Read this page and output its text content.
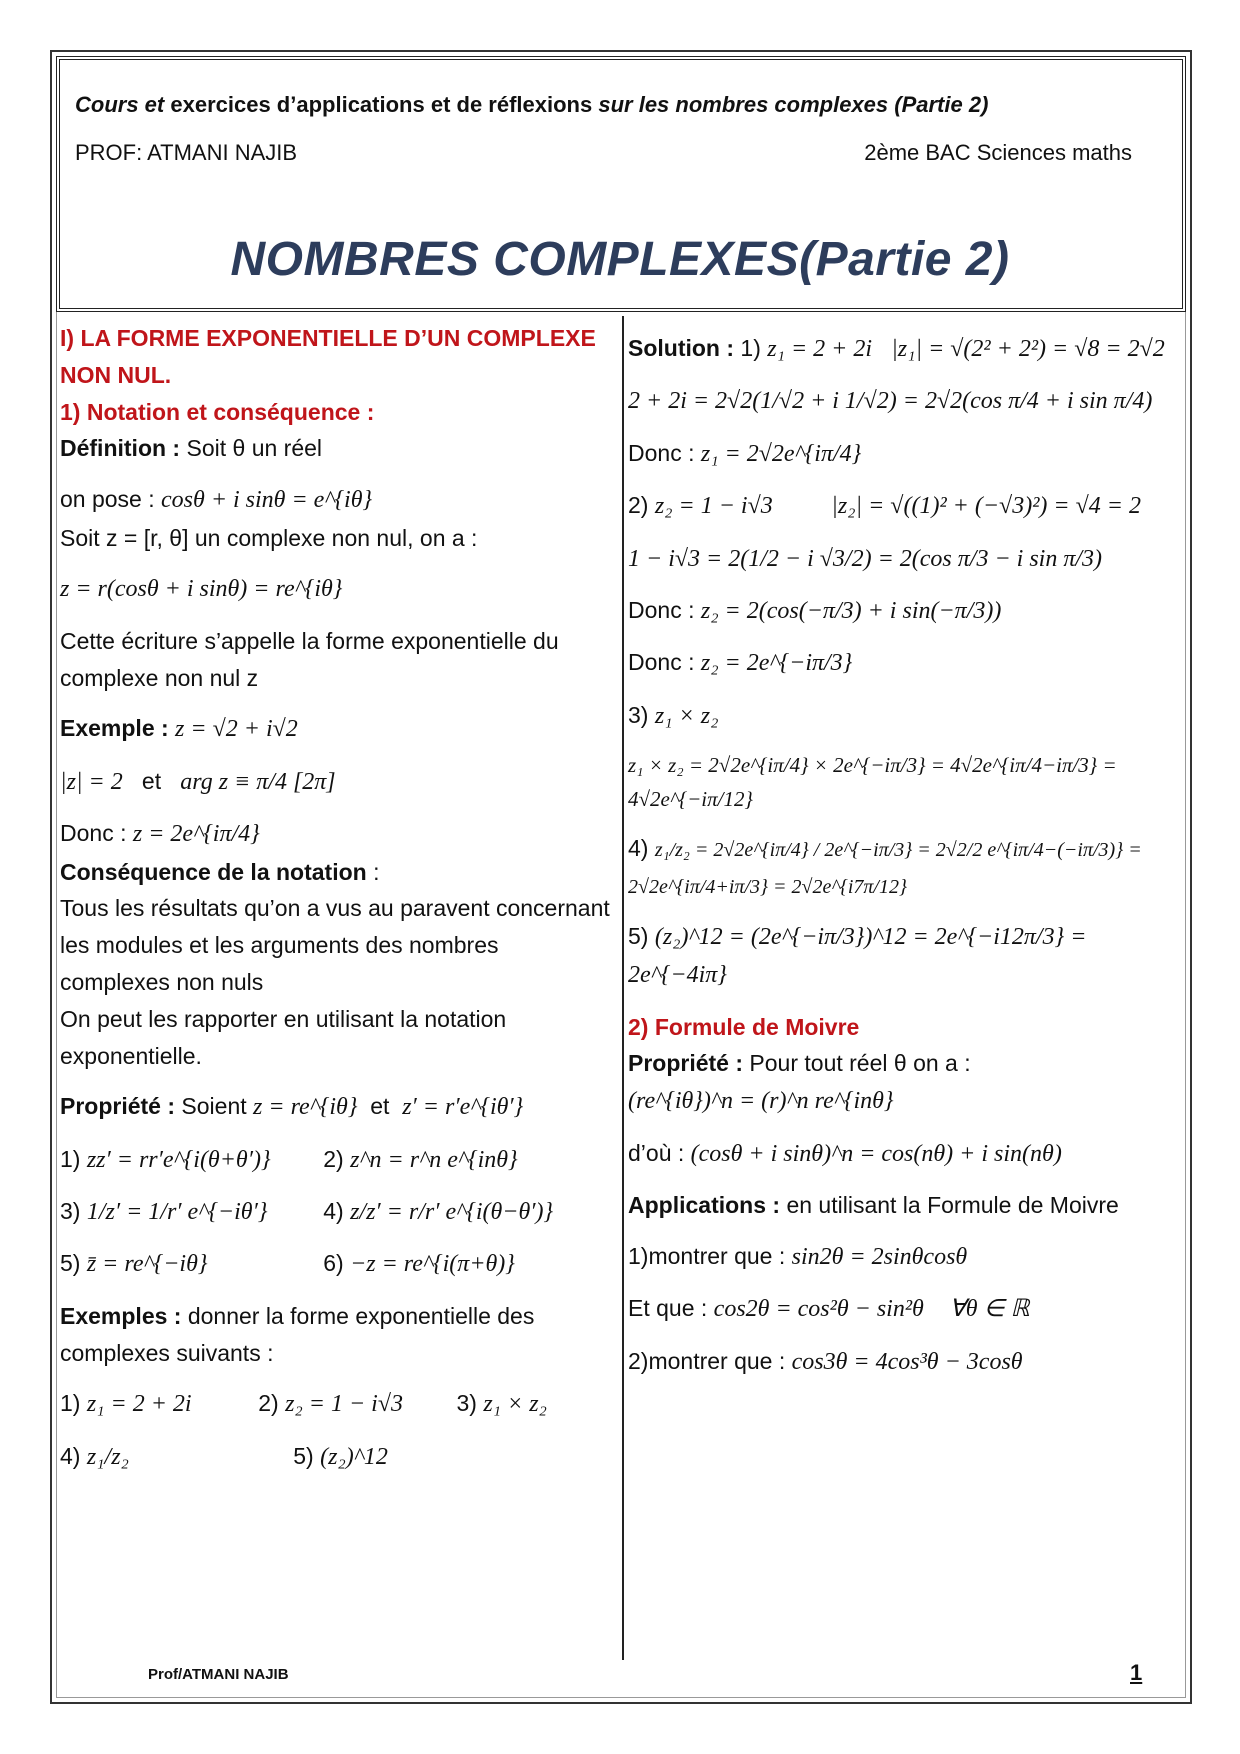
Cours et exercices d’applications et de réflexions sur les nombres complexes (Partie 2)
PROF: ATMANI NAJIB	2ème BAC Sciences maths
NOMBRES COMPLEXES(Partie 2)
I) LA FORME EXPONENTIELLE D’UN COMPLEXE NON NUL.
1) Notation et conséquence :
Définition : Soit θ un réel
on pose : cosθ + i sinθ = e^{iθ}
Soit z = [r, θ] un complexe non nul, on a :
z = r(cosθ + i sinθ) = re^{iθ}
Cette écriture s’appelle la forme exponentielle du complexe non nul z
Exemple : z = √2 + i√2
|z| = 2 et arg z ≡ π/4 [2π]
Donc : z = 2e^{iπ/4}
Conséquence de la notation :
Tous les résultats qu’on a vus au paravent concernant les modules et les arguments des nombres complexes non nuls
On peut les rapporter en utilisant la notation exponentielle.
Propriété : Soient z = re^{iθ} et z′ = r′e^{iθ′}
1) zz′ = rr′e^{i(θ+θ′)} 2) z^n = r^n e^{inθ}
3) 1/z′ = 1/r′ e^{−iθ′} 4) z/z′ = r/r′ e^{i(θ−θ′)}
5) z̄ = re^{−iθ}	6) −z = re^{i(π+θ)}
Exemples : donner la forme exponentielle des complexes suivants :
1) z₁ = 2 + 2i	2) z₂ = 1 − i√3 3) z₁ × z₂
4) z₁/z₂	5) (z₂)^12
Solution : 1) z₁ = 2 + 2i |z₁| = √(2² + 2²) = √8 = 2√2
2 + 2i = 2√2(1/√2 + i 1/√2) = 2√2(cos π/4 + i sin π/4)
Donc : z₁ = 2√2e^{iπ/4}
2) z₂ = 1 − i√3 |z₂| = √((1)² + (−√3)²) = √4 = 2
1 − i√3 = 2(1/2 − i √3/2) = 2(cos π/3 − i sin π/3)
Donc : z₂ = 2(cos(−π/3) + i sin(−π/3))
Donc : z₂ = 2e^{−iπ/3}
3) z₁ × z₂
z₁ × z₂ = 2√2e^{iπ/4} × 2e^{−iπ/3} = 4√2e^{iπ/4−iπ/3} = 4√2e^{−iπ/12}
4) z₁/z₂ = 2√2e^{iπ/4} / 2e^{−iπ/3} = 2√2/2 e^{iπ/4−(−iπ/3)} = 2√2e^{iπ/4+iπ/3} = 2√2e^{i7π/12}
5) (z₂)^12 = (2e^{−iπ/3})^12 = 2e^{−i12π/3} = 2e^{−4iπ}
2) Formule de Moivre
Propriété : Pour tout réel θ on a :
(re^{iθ})^n = (r)^n re^{inθ}
d’où : (cosθ + i sinθ)^n = cos(nθ) + i sin(nθ)
Applications : en utilisant la Formule de Moivre
1)montrer que : sin2θ = 2sinθcosθ
Et que : cos2θ = cos²θ − sin²θ ∀θ ∈ ℝ
2)montrer que : cos3θ = 4cos³θ − 3cosθ
Prof/ATMANI NAJIB	1
